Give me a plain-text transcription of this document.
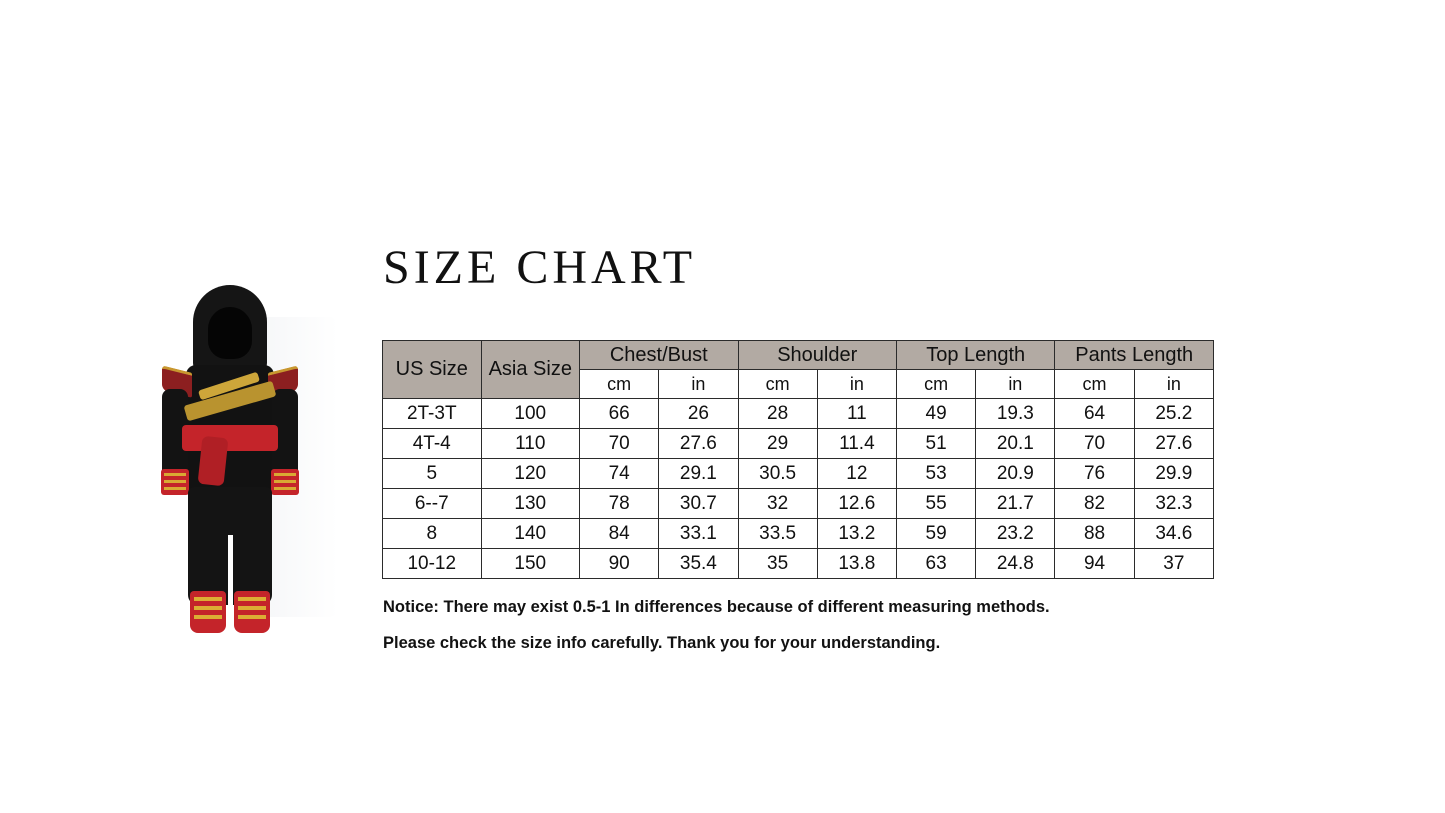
SIZE CHART
US Size	Asia Size	Chest/Bust		Shoulder		Top Length		Pants Length	
		cm	in	cm	in	cm	in	cm	in
2T-3T	100	66	26	28	11	49	19.3	64	25.2
4T-4	110	70	27.6	29	11.4	51	20.1	70	27.6
5	120	74	29.1	30.5	12	53	20.9	76	29.9
6--7	130	78	30.7	32	12.6	55	21.7	82	32.3
8	140	84	33.1	33.5	13.2	59	23.2	88	34.6
10-12	150	90	35.4	35	13.8	63	24.8	94	37
Notice: There may exist 0.5-1 In differences because of different measuring methods.
Please check the size info carefully. Thank you for your understanding.
